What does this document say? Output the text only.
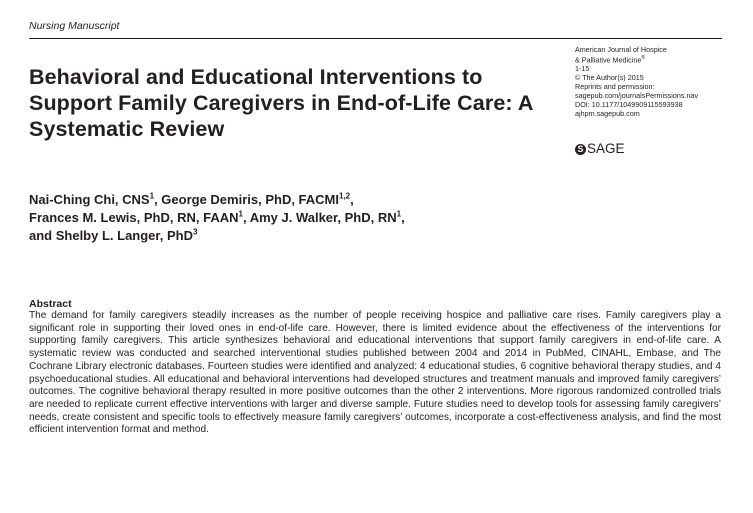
Nursing Manuscript
Behavioral and Educational Interventions to Support Family Caregivers in End-of-Life Care: A Systematic Review
American Journal of Hospice
& Palliative Medicine®
1-15
© The Author(s) 2015
Reprints and permission:
sagepub.com/journalsPermissions.nav
DOI: 10.1177/1049909115593938
ajhpm.sagepub.com
S SAGE
Nai-Ching Chi, CNS$^1$, George Demiris, PhD, FACMI$^{1,2}$,
Frances M. Lewis, PhD, RN, FAAN$^1$, Amy J. Walker, PhD, $RN^1$,
and Shelby L. Langer, PhD$^3$
Abstract

The demand for family caregivers steadily increases as the number of people receiving hospice and palliative care rises. Family caregivers play a significant role in supporting their loved ones in end-of-life care. However, there is limited evidence about the effectiveness of the interventions for supporting family caregivers. This article synthesizes behavioral and educational interventions that support family caregivers in end-of-life care. A systematic review was conducted and searched interventional studies published between 2004 and 2014 in PubMed, CINAHL, Embase, and The Cochrane Library electronic databases. Fourteen studies were identified and analyzed: 4 educational studies, 6 cognitive behavioral therapy studies, and 4 psychoeducational studies. All educational and behavioral interventions had developed structures and treatment manuals and improved family caregivers’ outcomes. The cognitive behavioral therapy resulted in more positive outcomes than the other 2 interventions. More rigorous randomized controlled trials are needed to replicate current effective interventions with larger and diverse sample. Future studies need to develop tools for assessing family caregivers’ needs, create consistent and specific tools to effectively measure family caregivers’ outcomes, incorporate a cost-effectiveness analysis, and find the most efficient intervention format and method.
